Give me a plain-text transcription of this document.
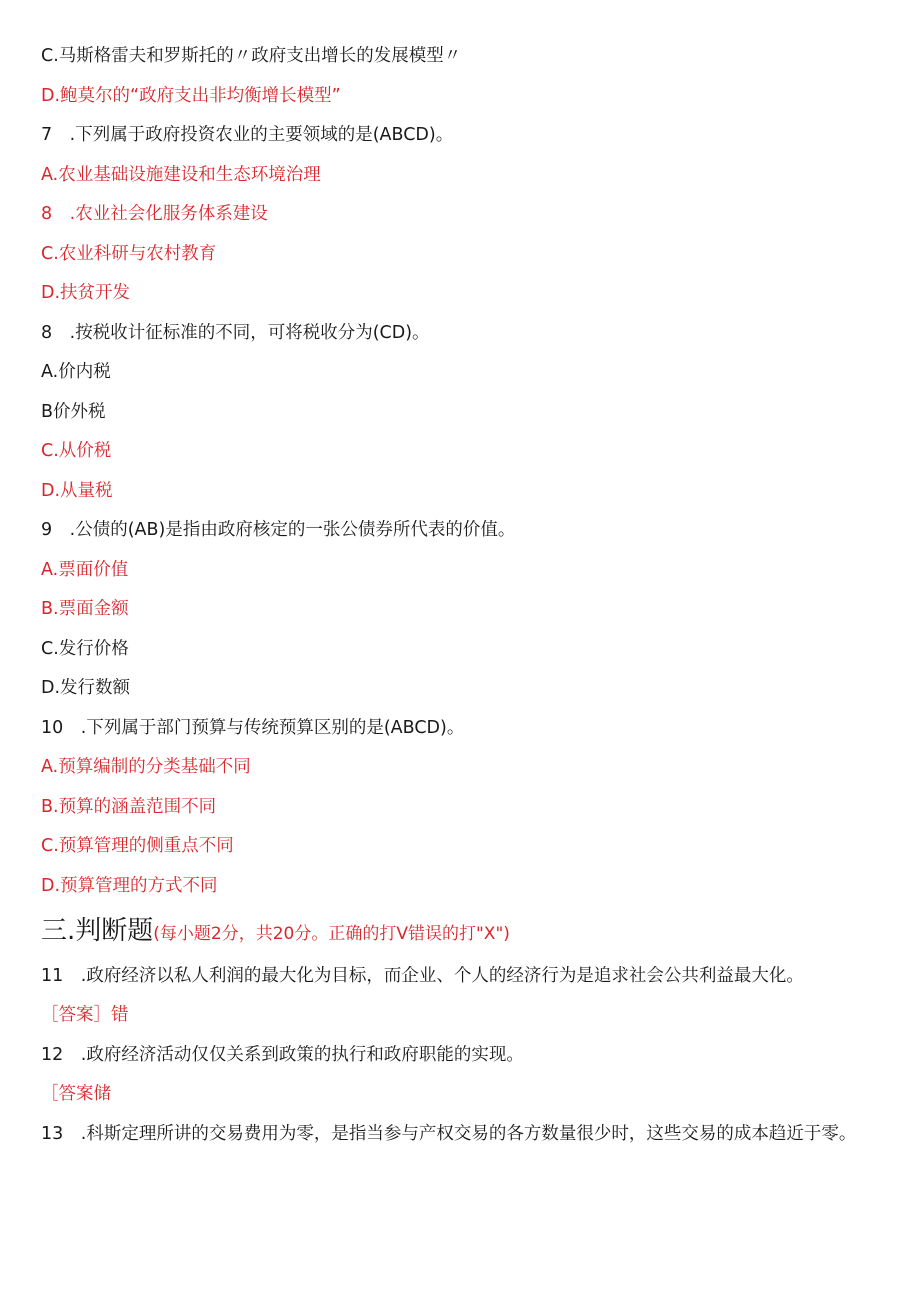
C.马斯格雷夫和罗斯托的〃政府支出增长的发展模型〃
D.鲍莫尔的“政府支出非均衡增长模型”
7　.下列属于政府投资农业的主要领域的是(ABCD)。
A.农业基础设施建设和生态环境治理
8　.农业社会化服务体系建设
C.农业科研与农村教育
D.扶贫开发
8　.按税收计征标准的不同，可将税收分为(CD)。
A.价内税
B价外税
C.从价税
D.从量税
9　.公债的(AB)是指由政府核定的一张公债券所代表的价值。
A.票面价值
B.票面金额
C.发行价格
D.发行数额
10　.下列属于部门预算与传统预算区别的是(ABCD)。
A.预算编制的分类基础不同
B.预算的涵盖范围不同
C.预算管理的侧重点不同
D.预算管理的方式不同
三.判断题(每小题2分，共20分。正确的打V错误的打"X")
11　.政府经济以私人利润的最大化为目标，而企业、个人的经济行为是追求社会公共利益最大化。
［答案］错
12　.政府经济活动仅仅关系到政策的执行和政府职能的实现。
［答案储
13　.科斯定理所讲的交易费用为零，是指当参与产权交易的各方数量很少时，这些交易的成本趋近于零。
